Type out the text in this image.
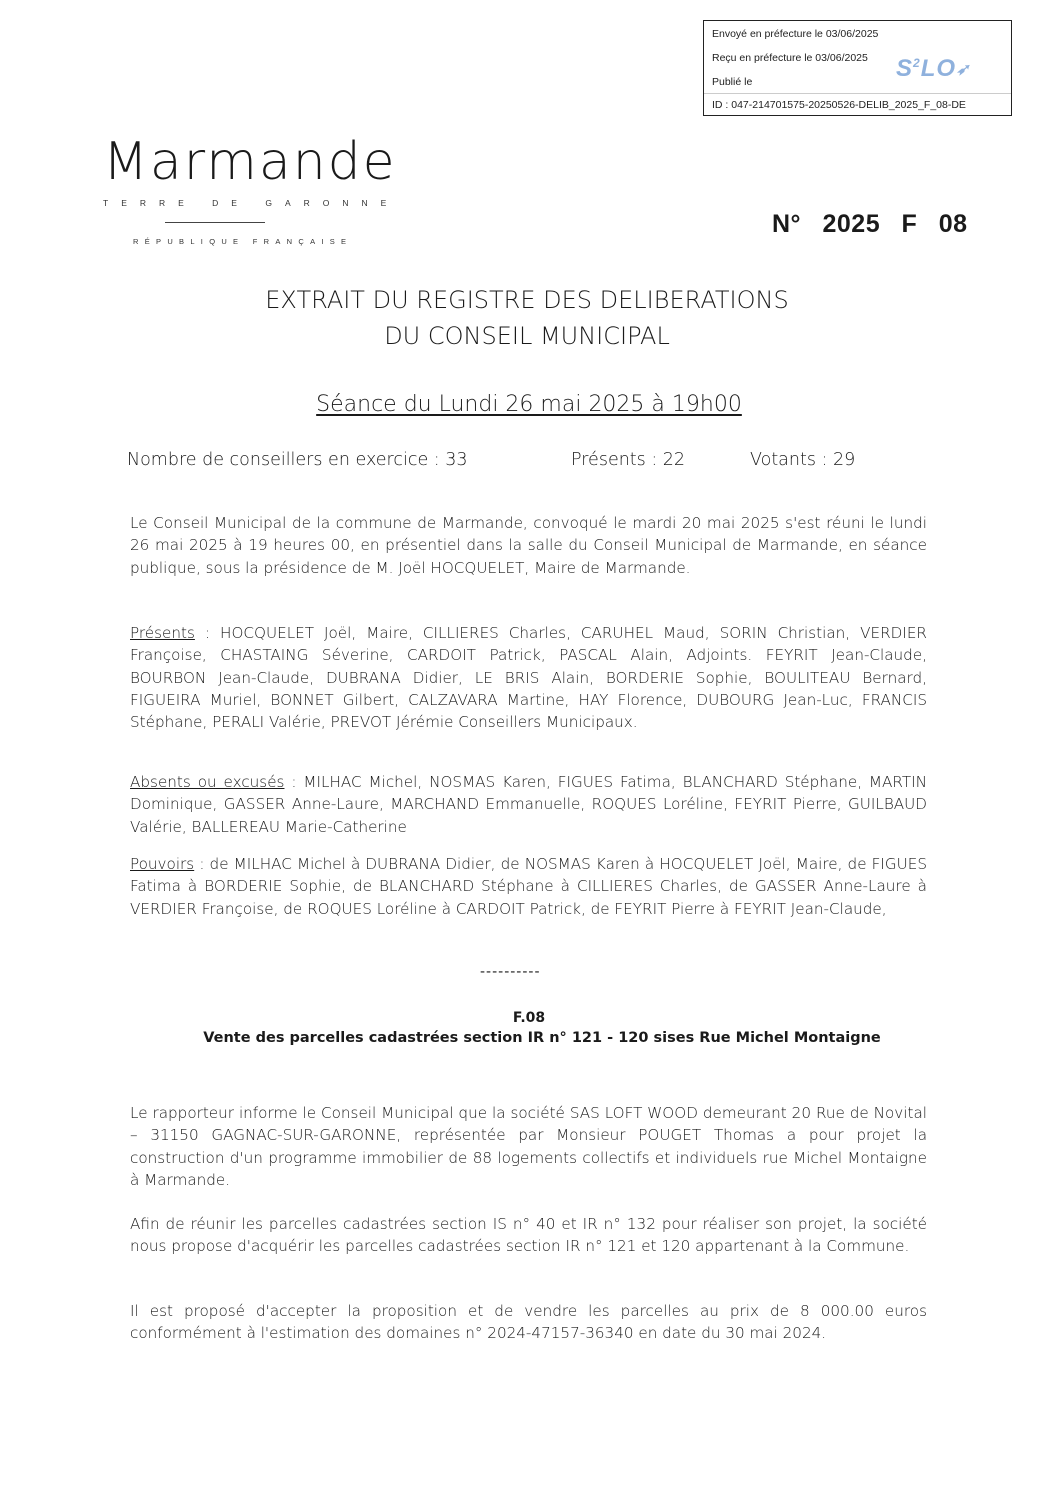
Envoyé en préfecture le 03/06/2025
Reçu en préfecture le 03/06/2025
Publié le
ID : 047-214701575-20250526-DELIB_2025_F_08-DE
$S^2LO➶$
Marmande
TERRE DE GARONNE
RÉPUBLIQUE FRANÇAISE
N° 2025 F 08
EXTRAIT DU REGISTRE DES DELIBERATIONS
DU CONSEIL MUNICIPAL
Séance du Lundi 26 mai 2025 à 19h00
Nombre de conseillers en exercice : 33	Présents : 22	Votants : 29
Le Conseil Municipal de la commune de Marmande, convoqué le mardi 20 mai 2025 s'est réuni le lundi 26 mai 2025 à 19 heures 00, en présentiel dans la salle du Conseil Municipal de Marmande, en séance publique, sous la présidence de M. Joël HOCQUELET, Maire de Marmande.
Présents : HOCQUELET Joël, Maire, CILLIERES Charles, CARUHEL Maud, SORIN Christian, VERDIER Françoise, CHASTAING Séverine, CARDOIT Patrick, PASCAL Alain, Adjoints. FEYRIT Jean-Claude, BOURBON Jean-Claude, DUBRANA Didier, LE BRIS Alain, BORDERIE Sophie, BOULITEAU Bernard, FIGUEIRA Muriel, BONNET Gilbert, CALZAVARA Martine, HAY Florence, DUBOURG Jean-Luc, FRANCIS Stéphane, PERALI Valérie, PREVOT Jérémie Conseillers Municipaux.
Absents ou excusés : MILHAC Michel, NOSMAS Karen, FIGUES Fatima, BLANCHARD Stéphane, MARTIN Dominique, GASSER Anne-Laure, MARCHAND Emmanuelle, ROQUES Loréline, FEYRIT Pierre, GUILBAUD Valérie, BALLEREAU Marie-Catherine
Pouvoirs : de MILHAC Michel à DUBRANA Didier, de NOSMAS Karen à HOCQUELET Joël, Maire, de FIGUES Fatima à BORDERIE Sophie, de BLANCHARD Stéphane à CILLIERES Charles, de GASSER Anne-Laure à VERDIER Françoise, de ROQUES Loréline à CARDOIT Patrick, de FEYRIT Pierre à FEYRIT Jean-Claude,
----------
F.08
Vente des parcelles cadastrées section IR n° 121 - 120 sises Rue Michel Montaigne
Le rapporteur informe le Conseil Municipal que la société SAS LOFT WOOD demeurant 20 Rue de Novital – 31150 GAGNAC-SUR-GARONNE, représentée par Monsieur POUGET Thomas a pour projet la construction d'un programme immobilier de 88 logements collectifs et individuels rue Michel Montaigne à Marmande.
Afin de réunir les parcelles cadastrées section IS n° 40 et IR n° 132 pour réaliser son projet, la société nous propose d'acquérir les parcelles cadastrées section IR n° 121 et 120 appartenant à la Commune.
Il est proposé d'accepter la proposition et de vendre les parcelles au prix de 8 000.00 euros conformément à l'estimation des domaines n° 2024-47157-36340 en date du 30 mai 2024.
